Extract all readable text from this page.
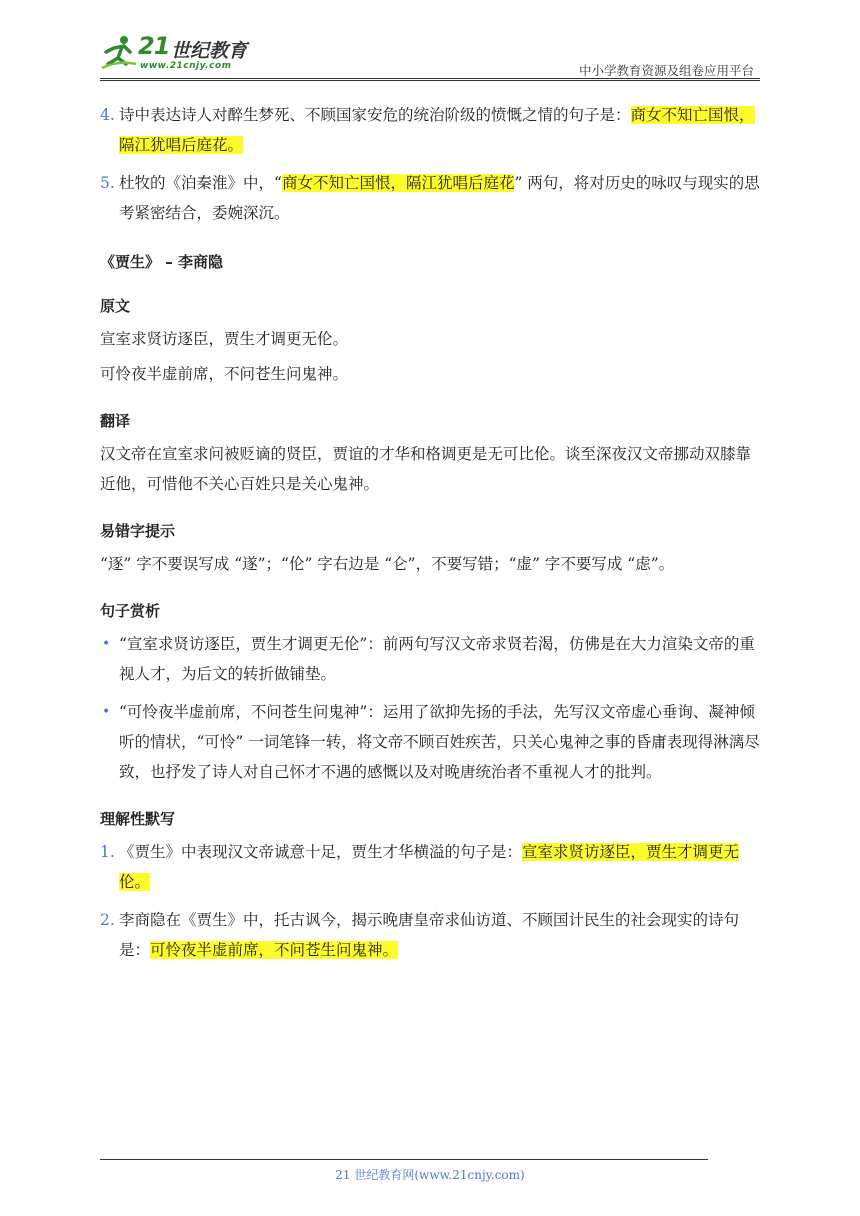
21 世纪教育
www.21cnjy.com	中小学教育资源及组卷应用平台
4. 诗中表达诗人对醉生梦死、不顾国家安危的统治阶级的愤慨之情的句子是：商女不知亡国恨，隔江犹唱后庭花。
5. 杜牧的《泊秦淮》中，“商女不知亡国恨，隔江犹唱后庭花” 两句，将对历史的咏叹与现实的思考紧密结合，委婉深沉。
《贾生》 – 李商隐
原文

宣室求贤访逐臣，贾生才调更无伦。

可怜夜半虚前席，不问苍生问鬼神。

翻译

汉文帝在宣室求问被贬谪的贤臣，贾谊的才华和格调更是无可比伦。谈至深夜汉文帝挪动双膝靠近他，可惜他不关心百姓只是关心鬼神。

易错字提示

“逐” 字不要误写成 “遂”；“伦” 字右边是 “仑”，不要写错；“虚” 字不要写成 “虑”。

句子赏析
• “宣室求贤访逐臣，贾生才调更无伦”：前两句写汉文帝求贤若渴，仿佛是在大力渲染文帝的重视人才，为后文的转折做铺垫。
• “可怜夜半虚前席，不问苍生问鬼神”：运用了欲抑先扬的手法，先写汉文帝虚心垂询、凝神倾听的情状，“可怜” 一词笔锋一转，将文帝不顾百姓疾苦，只关心鬼神之事的昏庸表现得淋漓尽致，也抒发了诗人对自己怀才不遇的感慨以及对晚唐统治者不重视人才的批判。
理解性默写
1. 《贾生》中表现汉文帝诚意十足，贾生才华横溢的句子是：宣室求贤访逐臣，贾生才调更无伦。
2. 李商隐在《贾生》中，托古讽今，揭示晚唐皇帝求仙访道、不顾国计民生的社会现实的诗句是：可怜夜半虚前席，不问苍生问鬼神。
21 世纪教育网(www.21cnjy.com)
